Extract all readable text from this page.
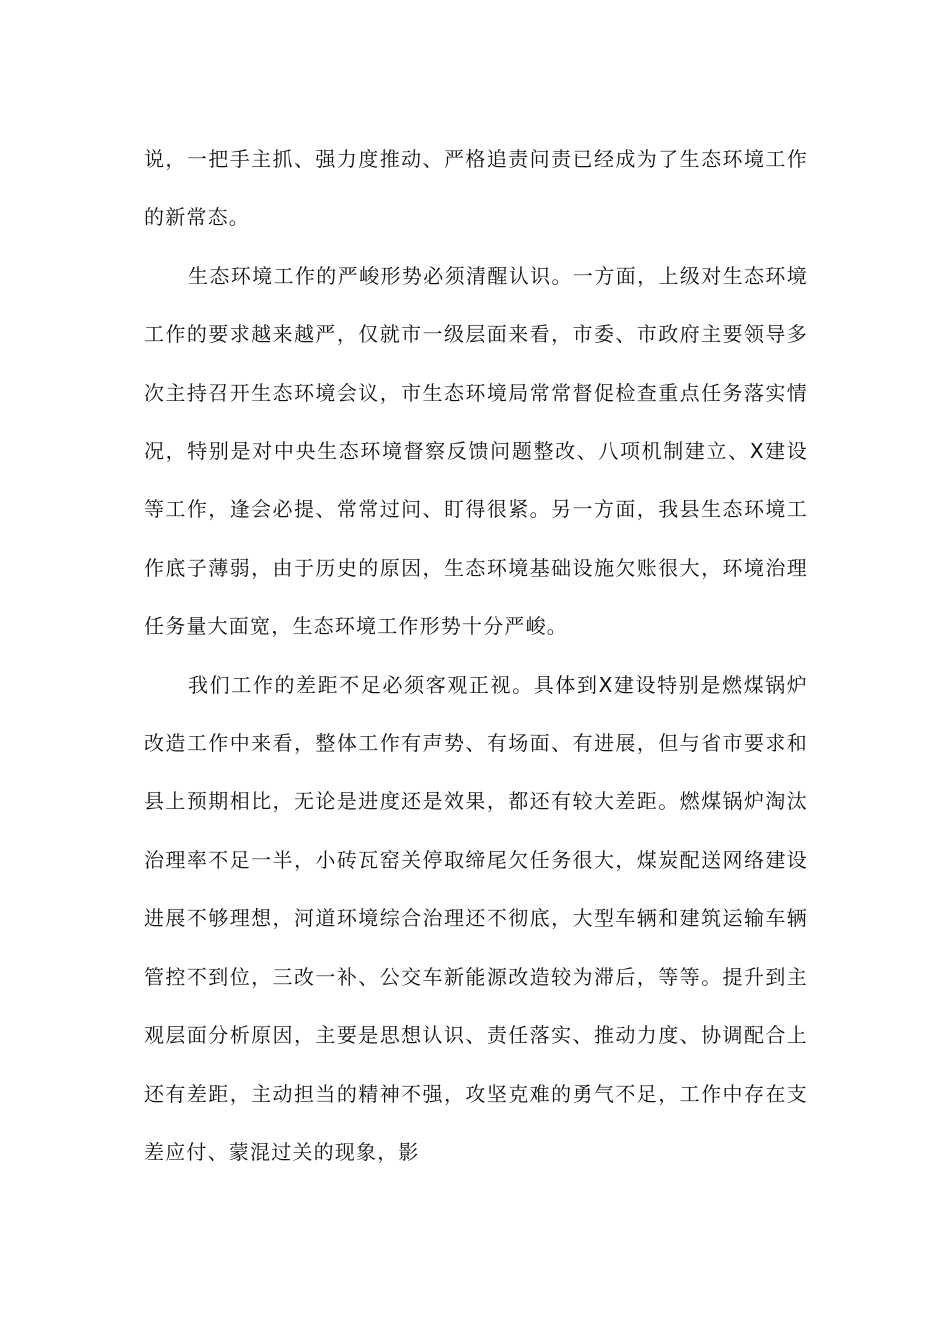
说，一把手主抓、强力度推动、严格追责问责已经成为了生态环境工作的新常态。

生态环境工作的严峻形势必须清醒认识。一方面，上级对生态环境工作的要求越来越严，仅就市一级层面来看，市委、市政府主要领导多次主持召开生态环境会议，市生态环境局常常督促检查重点任务落实情况，特别是对中央生态环境督察反馈问题整改、八项机制建立、X建设等工作，逢会必提、常常过问、盯得很紧。另一方面，我县生态环境工作底子薄弱，由于历史的原因，生态环境基础设施欠账很大，环境治理任务量大面宽，生态环境工作形势十分严峻。

我们工作的差距不足必须客观正视。具体到X建设特别是燃煤锅炉改造工作中来看，整体工作有声势、有场面、有进展，但与省市要求和县上预期相比，无论是进度还是效果，都还有较大差距。燃煤锅炉淘汰治理率不足一半，小砖瓦窑关停取缔尾欠任务很大，煤炭配送网络建设进展不够理想，河道环境综合治理还不彻底，大型车辆和建筑运输车辆管控不到位，三改一补、公交车新能源改造较为滞后，等等。提升到主观层面分析原因，主要是思想认识、责任落实、推动力度、协调配合上还有差距，主动担当的精神不强，攻坚克难的勇气不足，工作中存在支差应付、蒙混过关的现象，影
